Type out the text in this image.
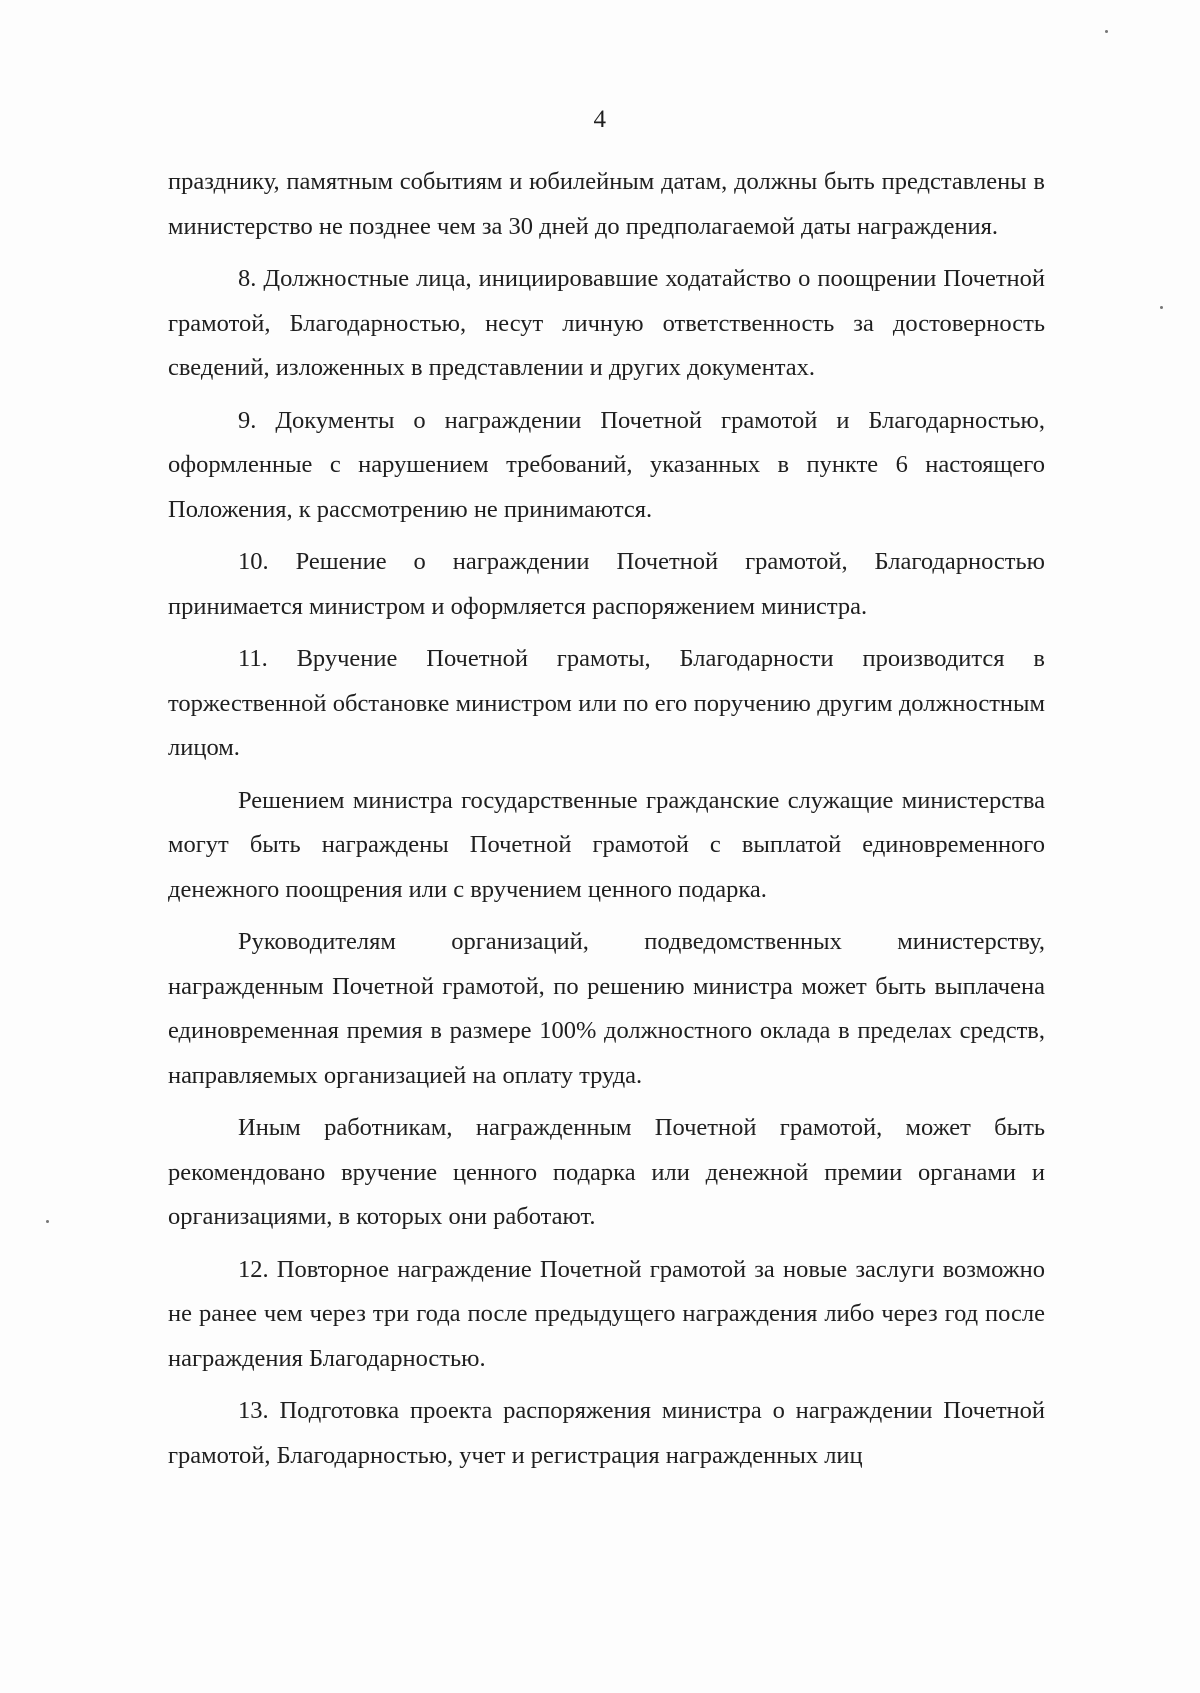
4

празднику, памятным событиям и юбилейным датам, должны быть представлены в министерство не позднее чем за 30 дней до предполагаемой даты награждения.

8. Должностные лица, инициировавшие ходатайство о поощрении Почетной грамотой, Благодарностью, несут личную ответственность за достоверность сведений, изложенных в представлении и других документах.

9. Документы о награждении Почетной грамотой и Благодарностью, оформленные с нарушением требований, указанных в пункте 6 настоящего Положения, к рассмотрению не принимаются.

10. Решение о награждении Почетной грамотой, Благодарностью принимается министром и оформляется распоряжением министра.

11. Вручение Почетной грамоты, Благодарности производится в торжественной обстановке министром или по его поручению другим должностным лицом.

Решением министра государственные гражданские служащие министерства могут быть награждены Почетной грамотой с выплатой единовременного денежного поощрения или с вручением ценного подарка.

Руководителям организаций, подведомственных министерству, награжденным Почетной грамотой, по решению министра может быть выплачена единовременная премия в размере 100% должностного оклада в пределах средств, направляемых организацией на оплату труда.

Иным работникам, награжденным Почетной грамотой, может быть рекомендовано вручение ценного подарка или денежной премии органами и организациями, в которых они работают.

12. Повторное награждение Почетной грамотой за новые заслуги возможно не ранее чем через три года после предыдущего награждения либо через год после награждения Благодарностью.

13. Подготовка проекта распоряжения министра о награждении Почетной грамотой, Благодарностью, учет и регистрация награжденных лиц
